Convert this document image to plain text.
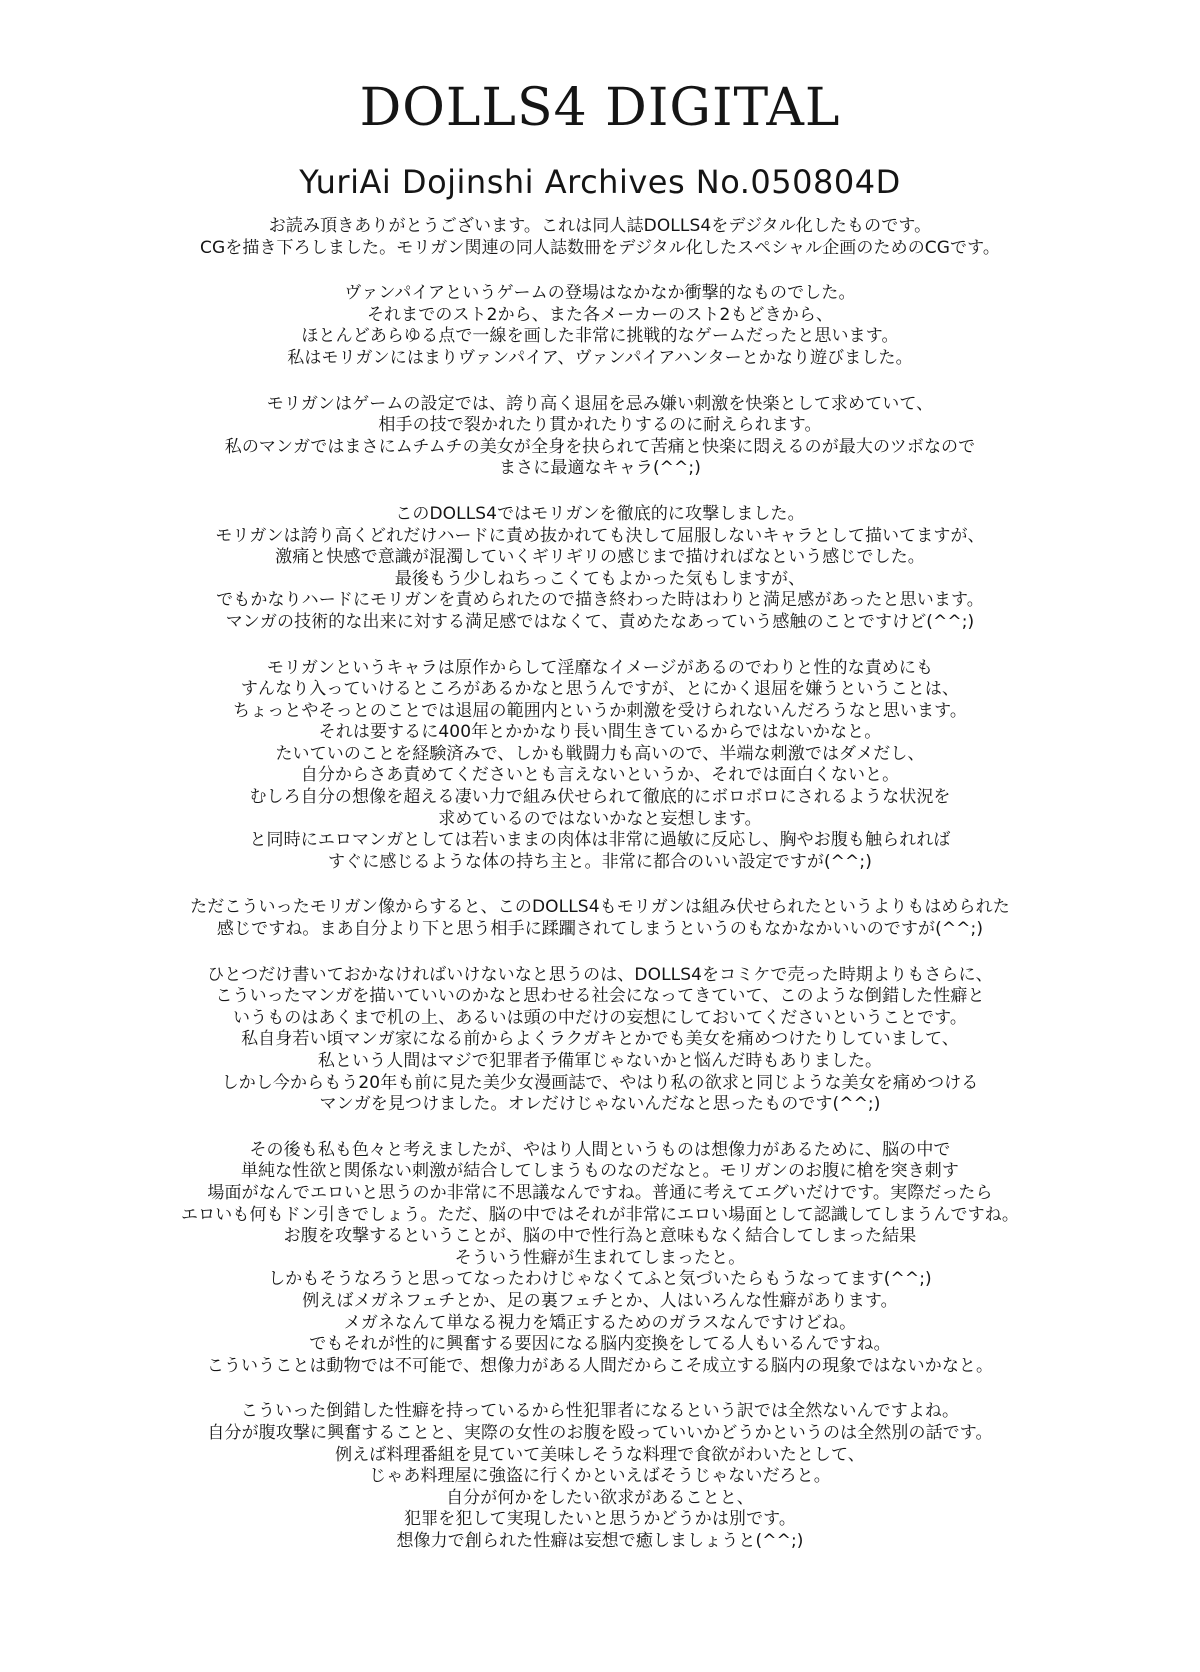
DOLLS4 DIGITAL
YuriAi Dojinshi Archives No.050804D
お読み頂きありがとうございます。これは同人誌DOLLS4をデジタル化したものです。
CGを描き下ろしました。モリガン関連の同人誌数冊をデジタル化したスペシャル企画のためのCGです。
ヴァンパイアというゲームの登場はなかなか衝撃的なものでした。
それまでのスト2から、また各メーカーのスト2もどきから、
ほとんどあらゆる点で一線を画した非常に挑戦的なゲームだったと思います。
私はモリガンにはまりヴァンパイア、ヴァンパイアハンターとかなり遊びました。
モリガンはゲームの設定では、誇り高く退屈を忌み嫌い刺激を快楽として求めていて、
相手の技で裂かれたり貫かれたりするのに耐えられます。
私のマンガではまさにムチムチの美女が全身を抉られて苦痛と快楽に悶えるのが最大のツボなので
まさに最適なキャラ(^^;)
このDOLLS4ではモリガンを徹底的に攻撃しました。
モリガンは誇り高くどれだけハードに責め抜かれても決して屈服しないキャラとして描いてますが、
激痛と快感で意識が混濁していくギリギリの感じまで描ければなという感じでした。
最後もう少しねちっこくてもよかった気もしますが、
でもかなりハードにモリガンを責められたので描き終わった時はわりと満足感があったと思います。
マンガの技術的な出来に対する満足感ではなくて、責めたなあっていう感触のことですけど(^^;)
モリガンというキャラは原作からして淫靡なイメージがあるのでわりと性的な責めにも
すんなり入っていけるところがあるかなと思うんですが、とにかく退屈を嫌うということは、
ちょっとやそっとのことでは退屈の範囲内というか刺激を受けられないんだろうなと思います。
それは要するに400年とかかなり長い間生きているからではないかなと。
たいていのことを経験済みで、しかも戦闘力も高いので、半端な刺激ではダメだし、
自分からさあ責めてくださいとも言えないというか、それでは面白くないと。
むしろ自分の想像を超える凄い力で組み伏せられて徹底的にボロボロにされるような状況を
求めているのではないかなと妄想します。
と同時にエロマンガとしては若いままの肉体は非常に過敏に反応し、胸やお腹も触られれば
すぐに感じるような体の持ち主と。非常に都合のいい設定ですが(^^;)
ただこういったモリガン像からすると、このDOLLS4もモリガンは組み伏せられたというよりもはめられた
感じですね。まあ自分より下と思う相手に蹂躙されてしまうというのもなかなかいいのですが(^^;)
ひとつだけ書いておかなければいけないなと思うのは、DOLLS4をコミケで売った時期よりもさらに、
こういったマンガを描いていいのかなと思わせる社会になってきていて、このような倒錯した性癖と
いうものはあくまで机の上、あるいは頭の中だけの妄想にしておいてくださいということです。
私自身若い頃マンガ家になる前からよくラクガキとかでも美女を痛めつけたりしていまして、
私という人間はマジで犯罪者予備軍じゃないかと悩んだ時もありました。
しかし今からもう20年も前に見た美少女漫画誌で、やはり私の欲求と同じような美女を痛めつける
マンガを見つけました。オレだけじゃないんだなと思ったものです(^^;)
その後も私も色々と考えましたが、やはり人間というものは想像力があるために、脳の中で
単純な性欲と関係ない刺激が結合してしまうものなのだなと。モリガンのお腹に槍を突き刺す
場面がなんでエロいと思うのか非常に不思議なんですね。普通に考えてエグいだけです。実際だったら
エロいも何もドン引きでしょう。ただ、脳の中ではそれが非常にエロい場面として認識してしまうんですね。
お腹を攻撃するということが、脳の中で性行為と意味もなく結合してしまった結果
そういう性癖が生まれてしまったと。
しかもそうなろうと思ってなったわけじゃなくてふと気づいたらもうなってます(^^;)
例えばメガネフェチとか、足の裏フェチとか、人はいろんな性癖があります。
メガネなんて単なる視力を矯正するためのガラスなんですけどね。
でもそれが性的に興奮する要因になる脳内変換をしてる人もいるんですね。
こういうことは動物では不可能で、想像力がある人間だからこそ成立する脳内の現象ではないかなと。
こういった倒錯した性癖を持っているから性犯罪者になるという訳では全然ないんですよね。
自分が腹攻撃に興奮することと、実際の女性のお腹を殴っていいかどうかというのは全然別の話です。
例えば料理番組を見ていて美味しそうな料理で食欲がわいたとして、
じゃあ料理屋に強盗に行くかといえばそうじゃないだろと。
自分が何かをしたい欲求があることと、
犯罪を犯して実現したいと思うかどうかは別です。
想像力で創られた性癖は妄想で癒しましょうと(^^;)
